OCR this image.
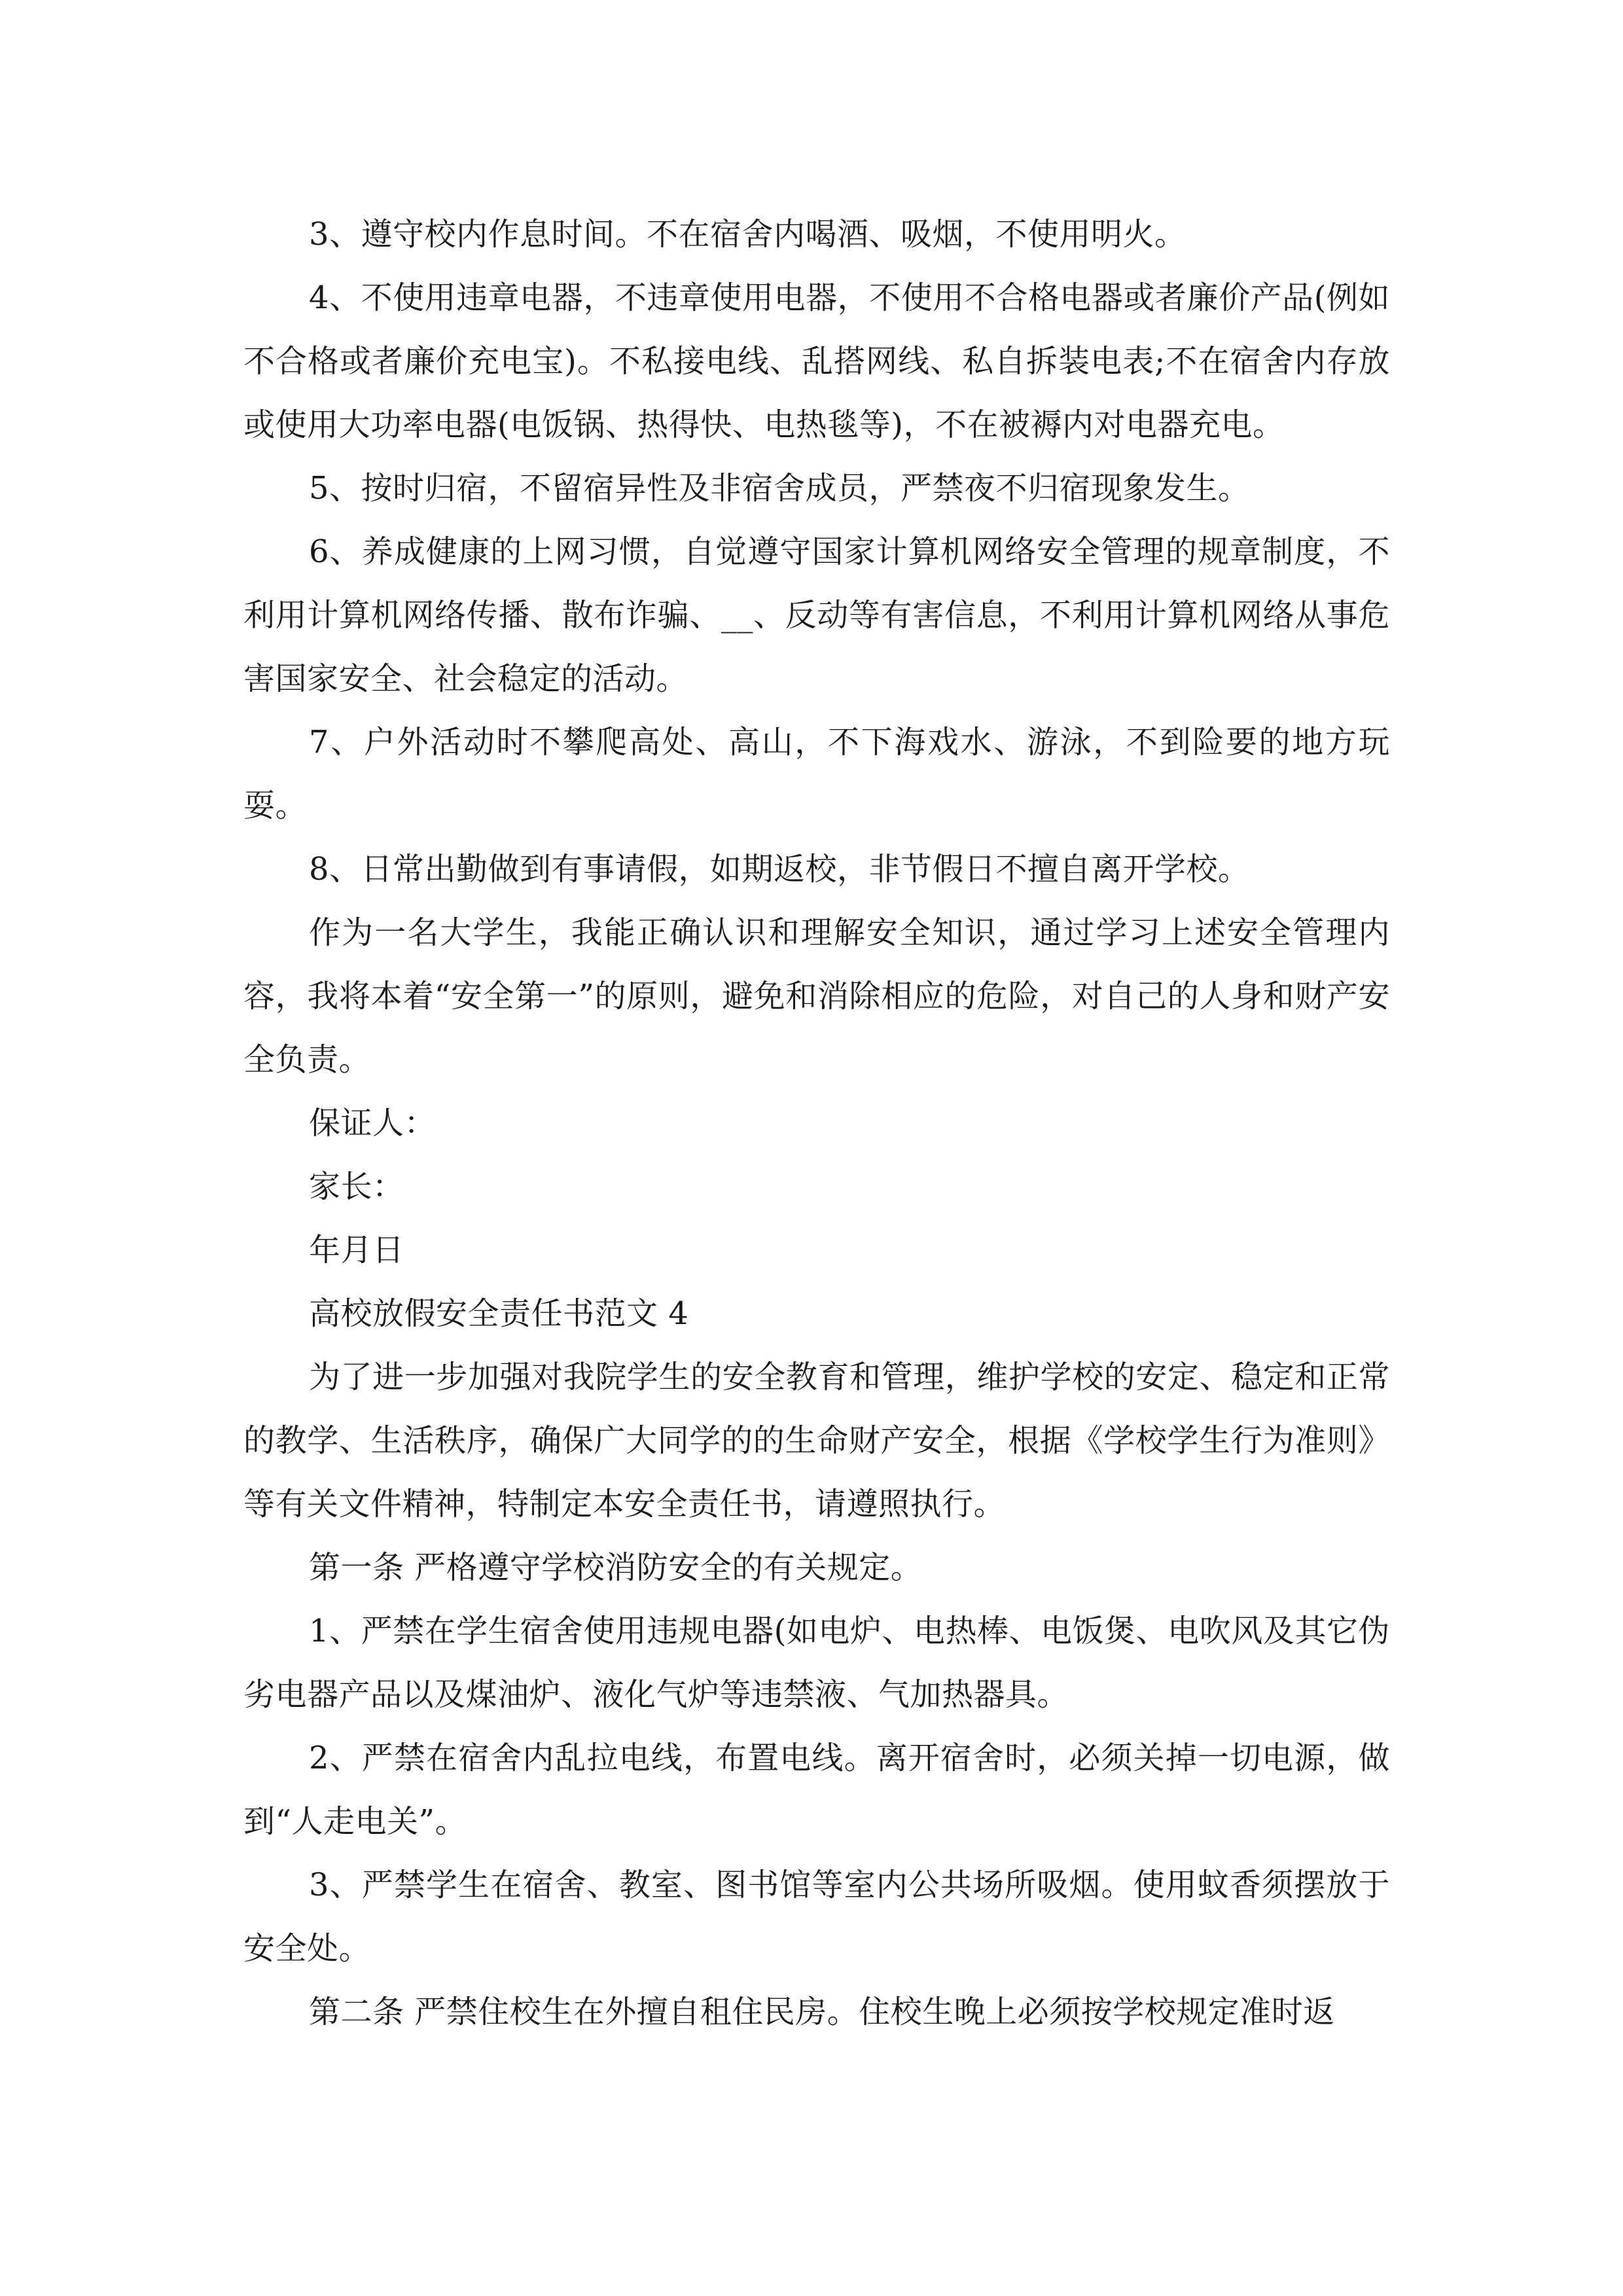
3、遵守校内作息时间。不在宿舍内喝酒、吸烟，不使用明火。

4、不使用违章电器，不违章使用电器，不使用不合格电器或者廉价产品(例如不合格或者廉价充电宝)。不私接电线、乱搭网线、私自拆装电表;不在宿舍内存放或使用大功率电器(电饭锅、热得快、电热毯等)，不在被褥内对电器充电。

5、按时归宿，不留宿异性及非宿舍成员，严禁夜不归宿现象发生。

6、养成健康的上网习惯，自觉遵守国家计算机网络安全管理的规章制度，不利用计算机网络传播、散布诈骗、__、反动等有害信息，不利用计算机网络从事危害国家安全、社会稳定的活动。

7、户外活动时不攀爬高处、高山，不下海戏水、游泳，不到险要的地方玩耍。

8、日常出勤做到有事请假，如期返校，非节假日不擅自离开学校。

作为一名大学生，我能正确认识和理解安全知识，通过学习上述安全管理内容，我将本着“安全第一”的原则，避免和消除相应的危险，对自己的人身和财产安全负责。

保证人：

家长：

年月日

高校放假安全责任书范文 4

为了进一步加强对我院学生的安全教育和管理，维护学校的安定、稳定和正常的教学、生活秩序，确保广大同学的的生命财产安全，根据《学校学生行为准则》等有关文件精神，特制定本安全责任书，请遵照执行。

第一条 严格遵守学校消防安全的有关规定。

1、严禁在学生宿舍使用违规电器(如电炉、电热棒、电饭煲、电吹风及其它伪劣电器产品以及煤油炉、液化气炉等违禁液、气加热器具。

2、严禁在宿舍内乱拉电线，布置电线。离开宿舍时，必须关掉一切电源，做到“人走电关”。

3、严禁学生在宿舍、教室、图书馆等室内公共场所吸烟。使用蚊香须摆放于安全处。

第二条 严禁住校生在外擅自租住民房。住校生晚上必须按学校规定准时返
